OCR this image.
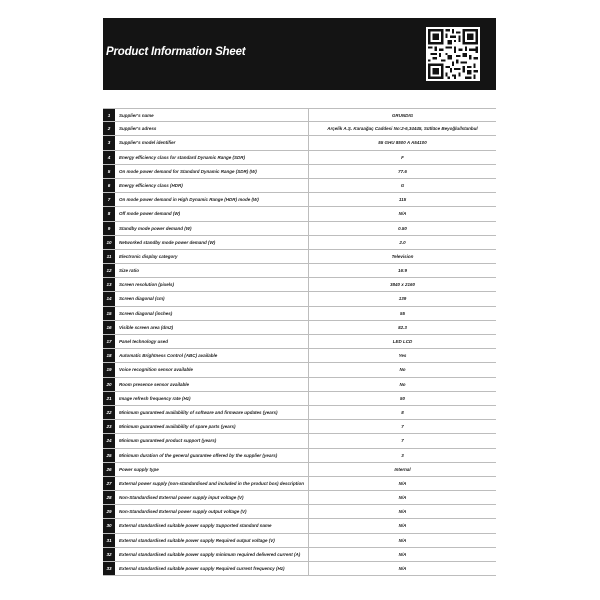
Product Information Sheet
1	Supplier's name	GRUNDIG
2	Supplier's adress	Arçelik A.Ş. Karaağaç Caddesi No:2-6,34445, Sütlüce Beyoğlu/İstanbul
3	Supplier's model identifier	55 GHU 8500 A A54100
4	Energy efficiency class for standard Dynamic Range (SDR)	F
5	On mode power demand for Standard Dynamic Range (SDR) (W)	77.6
6	Energy efficiency class (HDR)	G
7	On mode power demand in High Dynamic Range (HDR) mode (W)	115
8	Off mode power demand (W)	N/A
9	Standby mode power demand (W)	0.50
10	Networked standby mode power demand (W)	2.0
11	Electronic display category	Television
12	Size ratio	16:9
13	Screen resolution (pixels)	3840 x 2160
14	Screen diagonal (cm)	139
15	Screen diagonal (inches)	55
16	Visible screen area (dm2)	82.3
17	Panel technology used	LED LCD
18	Automatic Brightness Control (ABC) available	Yes
19	Voice recognition sensor available	No
20	Room presence sensor available	No
21	Image refresh frequency rate (Hz)	50
22	Minimum guaranteed availability of software and firmware updates (years)	8
23	Minimum guaranteed availability of spare parts (years)	7
24	Minimum guaranteed product support (years)	7
25	Minimum duration of the general guarantee offered by the supplier (years)	3
26	Power supply type	Internal
27	External power supply (non-standardised and included in the product box) description	N/A
28	Non-Standardised External power supply input voltage (V)	N/A
29	Non-Standardised External power supply output voltage (V)	N/A
30	External standardised suitable power supply Supported standard name	N/A
31	External standardised suitable power supply Required output voltage (V)	N/A
32	External standardised suitable power supply minimum required delivered current (A)	N/A
33	External standardised suitable power supply Required current frequency (Hz)	N/A
